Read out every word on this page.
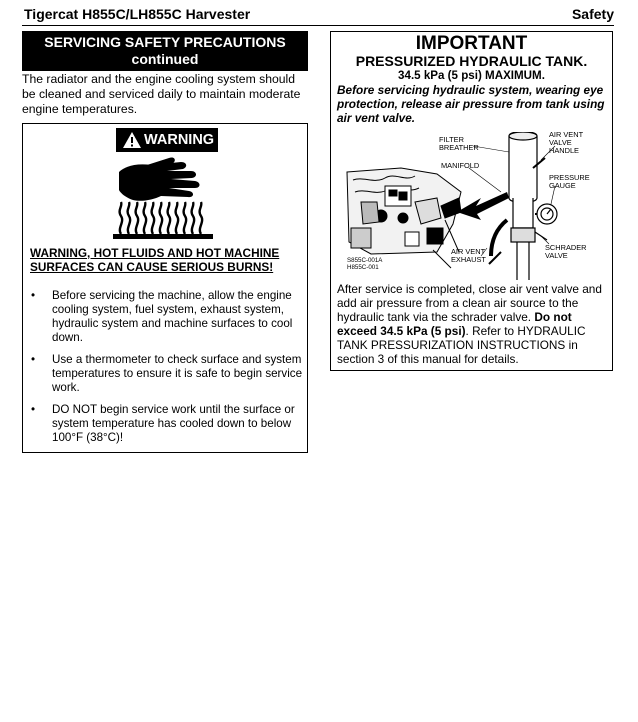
Tigercat H855C/LH855C Harvester	Safety
SERVICING SAFETY PRECAUTIONS
continued
The radiator and the engine cooling system should be cleaned and serviced daily to maintain moderate engine temperatures.
WARNING
WARNING, HOT FLUIDS AND HOT MACHINE SURFACES CAN CAUSE SERIOUS BURNS!
• Before servicing the machine, allow the engine cooling system, fuel system, exhaust system, hydraulic system and machine surfaces to cool down.
• Use a thermometer to check surface and system temperatures to ensure it is safe to begin service work.
• DO NOT begin service work until the surface or system temperature has cooled down to below 100°F (38°C)!
IMPORTANT
PRESSURIZED HYDRAULIC TANK.
34.5 kPa (5 psi) MAXIMUM.
Before servicing hydraulic system, wearing eye protection, release air pressure from tank using air vent valve.
FILTER
BREATHER
MANIFOLD
AIR VENT
VALVE
HANDLE
PRESSURE
GAUGE
SCHRADER
VALVE
AIR VENT
EXHAUST
S855C-001A
H855C-001
After service is completed, close air vent valve and add air pressure from a clean air source to the hydraulic tank via the schrader valve. Do not exceed 34.5 kPa (5 psi). Refer to HYDRAULIC TANK PRESSURIZATION INSTRUCTIONS in section 3 of this manual for details.
